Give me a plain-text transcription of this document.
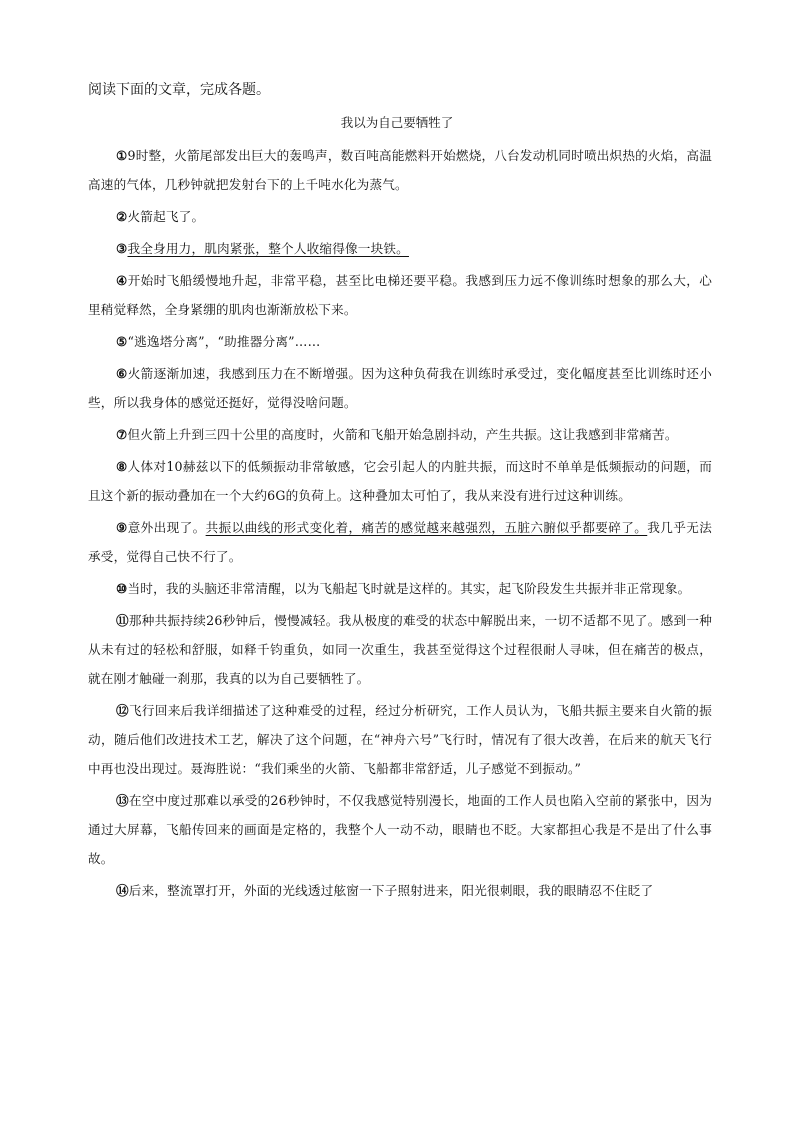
阅读下面的文章，完成各题。
我以为自己要牺牲了

①9时整，火箭尾部发出巨大的轰鸣声，数百吨高能燃料开始燃烧，八台发动机同时喷出炽热的火焰，高温高速的气体，几秒钟就把发射台下的上千吨水化为蒸气。

②火箭起飞了。

③我全身用力，肌肉紧张，整个人收缩得像一块铁。

④开始时飞船缓慢地升起，非常平稳，甚至比电梯还要平稳。我感到压力远不像训练时想象的那么大，心里稍觉释然，全身紧绷的肌肉也渐渐放松下来。

⑤“逃逸塔分离”，“助推器分离”……

⑥火箭逐渐加速，我感到压力在不断增强。因为这种负荷我在训练时承受过，变化幅度甚至比训练时还小些，所以我身体的感觉还挺好，觉得没啥问题。

⑦但火箭上升到三四十公里的高度时，火箭和飞船开始急剧抖动，产生共振。这让我感到非常痛苦。

⑧人体对10赫兹以下的低频振动非常敏感，它会引起人的内脏共振，而这时不单单是低频振动的问题，而且这个新的振动叠加在一个大约6G的负荷上。这种叠加太可怕了，我从来没有进行过这种训练。

⑨意外出现了。共振以曲线的形式变化着，痛苦的感觉越来越强烈，五脏六腑似乎都要碎了。我几乎无法承受，觉得自己快不行了。

⑩当时，我的头脑还非常清醒，以为飞船起飞时就是这样的。其实，起飞阶段发生共振并非正常现象。

⑪那种共振持续26秒钟后，慢慢减轻。我从极度的难受的状态中解脱出来，一切不适都不见了。感到一种从未有过的轻松和舒服，如释千钧重负，如同一次重生，我甚至觉得这个过程很耐人寻味，但在痛苦的极点，就在刚才触碰一刹那，我真的以为自己要牺牲了。

⑫飞行回来后我详细描述了这种难受的过程，经过分析研究，工作人员认为，飞船共振主要来自火箭的振动，随后他们改进技术工艺，解决了这个问题，在“神舟六号”飞行时，情况有了很大改善，在后来的航天飞行中再也没出现过。聂海胜说：“我们乘坐的火箭、飞船都非常舒适，儿子感觉不到振动。”

⑬在空中度过那难以承受的26秒钟时，不仅我感觉特别漫长，地面的工作人员也陷入空前的紧张中，因为通过大屏幕，飞船传回来的画面是定格的，我整个人一动不动，眼睛也不眨。大家都担心我是不是出了什么事故。

⑭后来，整流罩打开，外面的光线透过舷窗一下子照射进来，阳光很刺眼，我的眼睛忍不住眨了
